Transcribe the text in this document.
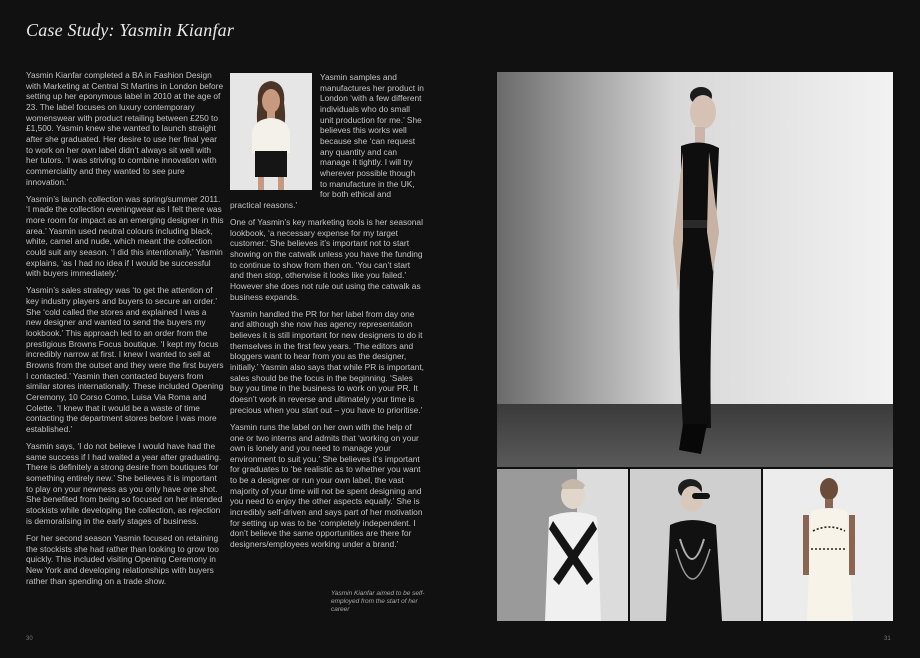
Case Study: Yasmin Kianfar

Yasmin Kianfar completed a BA in Fashion Design with Marketing at Central St Martins in London before setting up her eponymous label in 2010 at the age of 23. The label focuses on luxury contemporary womenswear with product retailing between £250 to £1,500. Yasmin knew she wanted to launch straight after she graduated. Her desire to use her final year to work on her own label didn’t always sit well with her tutors. ‘I was striving to combine innovation with commerciality and they wanted to see pure innovation.’

Yasmin’s launch collection was spring/summer 2011. ‘I made the collection eveningwear as I felt there was more room for impact as an emerging designer in this area.’ Yasmin used neutral colours including black, white, camel and nude, which meant the collection could suit any season. ‘I did this intentionally,’ Yasmin explains, ‘as I had no idea if I would be successful with buyers immediately.’

Yasmin’s sales strategy was ‘to get the attention of key industry players and buyers to secure an order.’ She ‘cold called the stores and explained I was a new designer and wanted to send the buyers my lookbook.’ This approach led to an order from the prestigious Browns Focus boutique. ‘I kept my focus incredibly narrow at first. I knew I wanted to sell at Browns from the outset and they were the first buyers I contacted.’ Yasmin then contacted buyers from similar stores internationally. These included Opening Ceremony, 10 Corso Como, Luisa Via Roma and Colette. ‘I knew that it would be a waste of time contacting the department stores before I was more established.’

Yasmin says, ‘I do not believe I would have had the same success if I had waited a year after graduating. There is definitely a strong desire from boutiques for something entirely new.’ She believes it is important to play on your newness as you only have one shot. She benefited from being so focused on her intended stockists while developing the collection, as rejection is demoralising in the early stages of business.

For her second season Yasmin focused on retaining the stockists she had rather than looking to grow too quickly. This included visiting Opening Ceremony in New York and developing relationships with buyers rather than spending on a trade show.

Yasmin samples and manufactures her product in London ‘with a few different individuals who do small unit production for me.’ She believes this works well because she ‘can request any quantity and can manage it tightly. I will try wherever possible though to manufacture in the UK, for both ethical and practical reasons.’

One of Yasmin’s key marketing tools is her seasonal lookbook, ‘a necessary expense for my target customer.’ She believes it’s important not to start showing on the catwalk unless you have the funding to continue to show from then on. ‘You can’t start and then stop, otherwise it looks like you failed.’ However she does not rule out using the catwalk as business expands.

Yasmin handled the PR for her label from day one and although she now has agency representation believes it is still important for new designers to do it themselves in the first few years. ‘The editors and bloggers want to hear from you as the designer, initially.’ Yasmin also says that while PR is important, sales should be the focus in the beginning. ‘Sales buy you time in the business to work on your PR. It doesn’t work in reverse and ultimately your time is precious when you start out – you have to prioritise.’

Yasmin runs the label on her own with the help of one or two interns and admits that ‘working on your own is lonely and you need to manage your environment to suit you.’ She believes it’s important for graduates to ‘be realistic as to whether you want to be a designer or run your own label, the vast majority of your time will not be spent designing and you need to enjoy the other aspects equally.’ She is incredibly self-driven and says part of her motivation for setting up was to be ‘completely independent. I don’t believe the same opportunities are there for designers/employees working under a brand.’

Yasmin Kianfar aimed to be self-employed from the start of her career
30	31
